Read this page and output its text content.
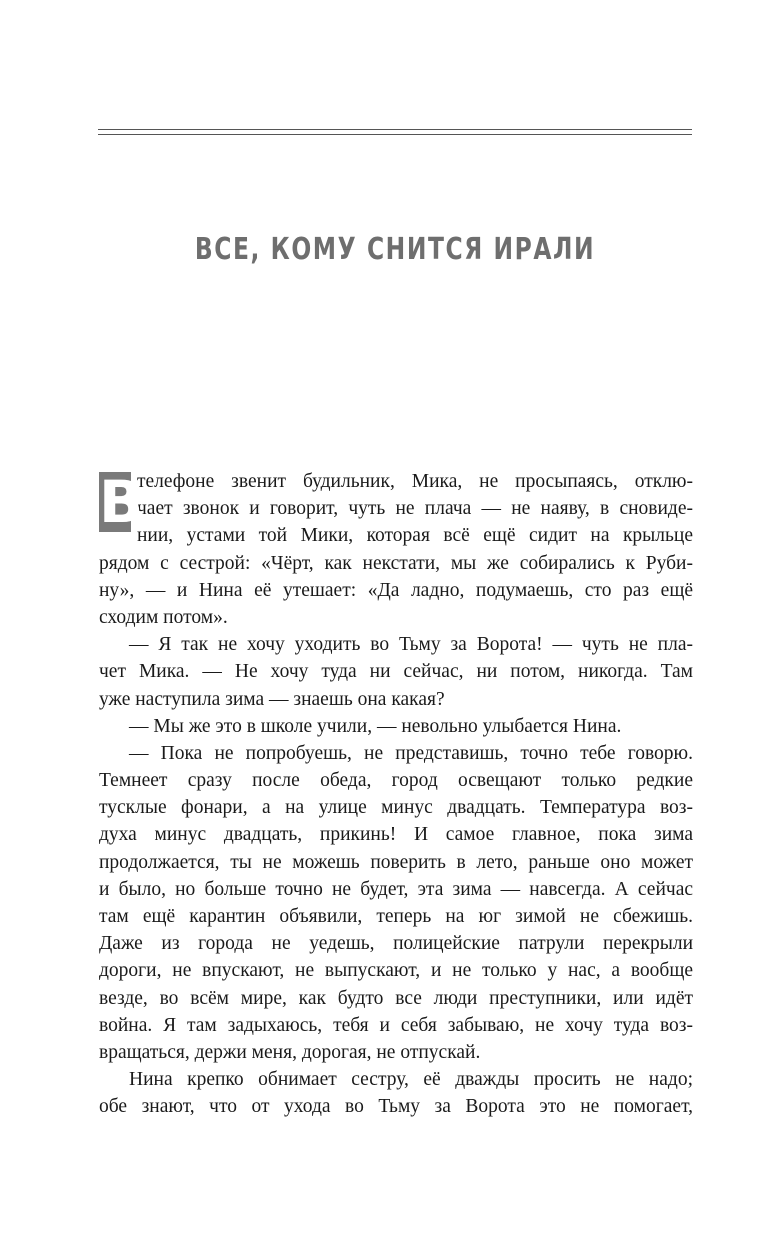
ВСЕ, КОМУ СНИТСЯ ИРАЛИ
В
телефоне звенит будильник, Мика, не просыпаясь, отклю-
чает звонок и говорит, чуть не плача — не наяву, в сновиде-
нии, устами той Мики, которая всё ещё сидит на крыльце
рядом с сестрой: «Чёрт, как некстати, мы же собирались к Руби-
ну», — и Нина её утешает: «Да ладно, подумаешь, сто раз ещё
сходим потом».
— Я так не хочу уходить во Тьму за Ворота! — чуть не пла-
чет Мика. — Не хочу туда ни сейчас, ни потом, никогда. Там
уже наступила зима — знаешь она какая?
— Мы же это в школе учили, — невольно улыбается Нина.
— Пока не попробуешь, не представишь, точно тебе говорю.
Темнеет сразу после обеда, город освещают только редкие
тусклые фонари, а на улице минус двадцать. Температура воз-
духа минус двадцать, прикинь! И самое главное, пока зима
продолжается, ты не можешь поверить в лето, раньше оно может
и было, но больше точно не будет, эта зима — навсегда. А сейчас
там ещё карантин объявили, теперь на юг зимой не сбежишь.
Даже из города не уедешь, полицейские патрули перекрыли
дороги, не впускают, не выпускают, и не только у нас, а вообще
везде, во всём мире, как будто все люди преступники, или идёт
война. Я там задыхаюсь, тебя и себя забываю, не хочу туда воз-
вращаться, держи меня, дорогая, не отпускай.
Нина крепко обнимает сестру, её дважды просить не надо;
обе знают, что от ухода во Тьму за Ворота это не помогает,
